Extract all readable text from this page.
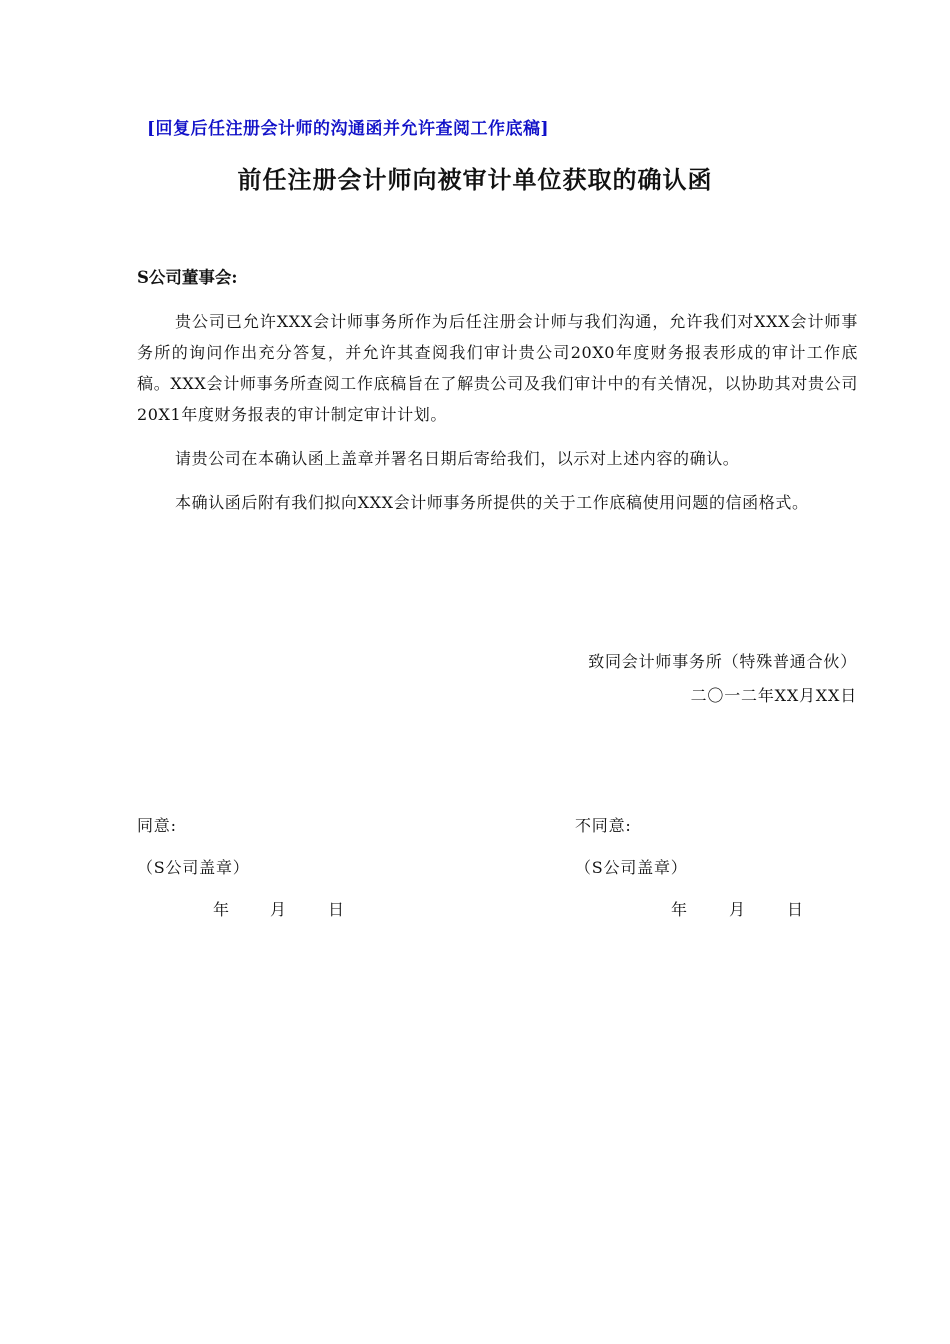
[回复后任注册会计师的沟通函并允许查阅工作底稿]
前任注册会计师向被审计单位获取的确认函
S公司董事会:

贵公司已允许XXX会计师事务所作为后任注册会计师与我们沟通，允许我们对XXX会计师事务所的询问作出充分答复，并允许其查阅我们审计贵公司20X0年度财务报表形成的审计工作底稿。XXX会计师事务所查阅工作底稿旨在了解贵公司及我们审计中的有关情况，以协助其对贵公司20X1年度财务报表的审计制定审计计划。

请贵公司在本确认函上盖章并署名日期后寄给我们，以示对上述内容的确认。

本确认函后附有我们拟向XXX会计师事务所提供的关于工作底稿使用问题的信函格式。

致同会计师事务所（特殊普通合伙）
二〇一二年XX月XX日
同意:
（S公司盖章）
年	月	日
不同意:
（S公司盖章）
年	月	日
